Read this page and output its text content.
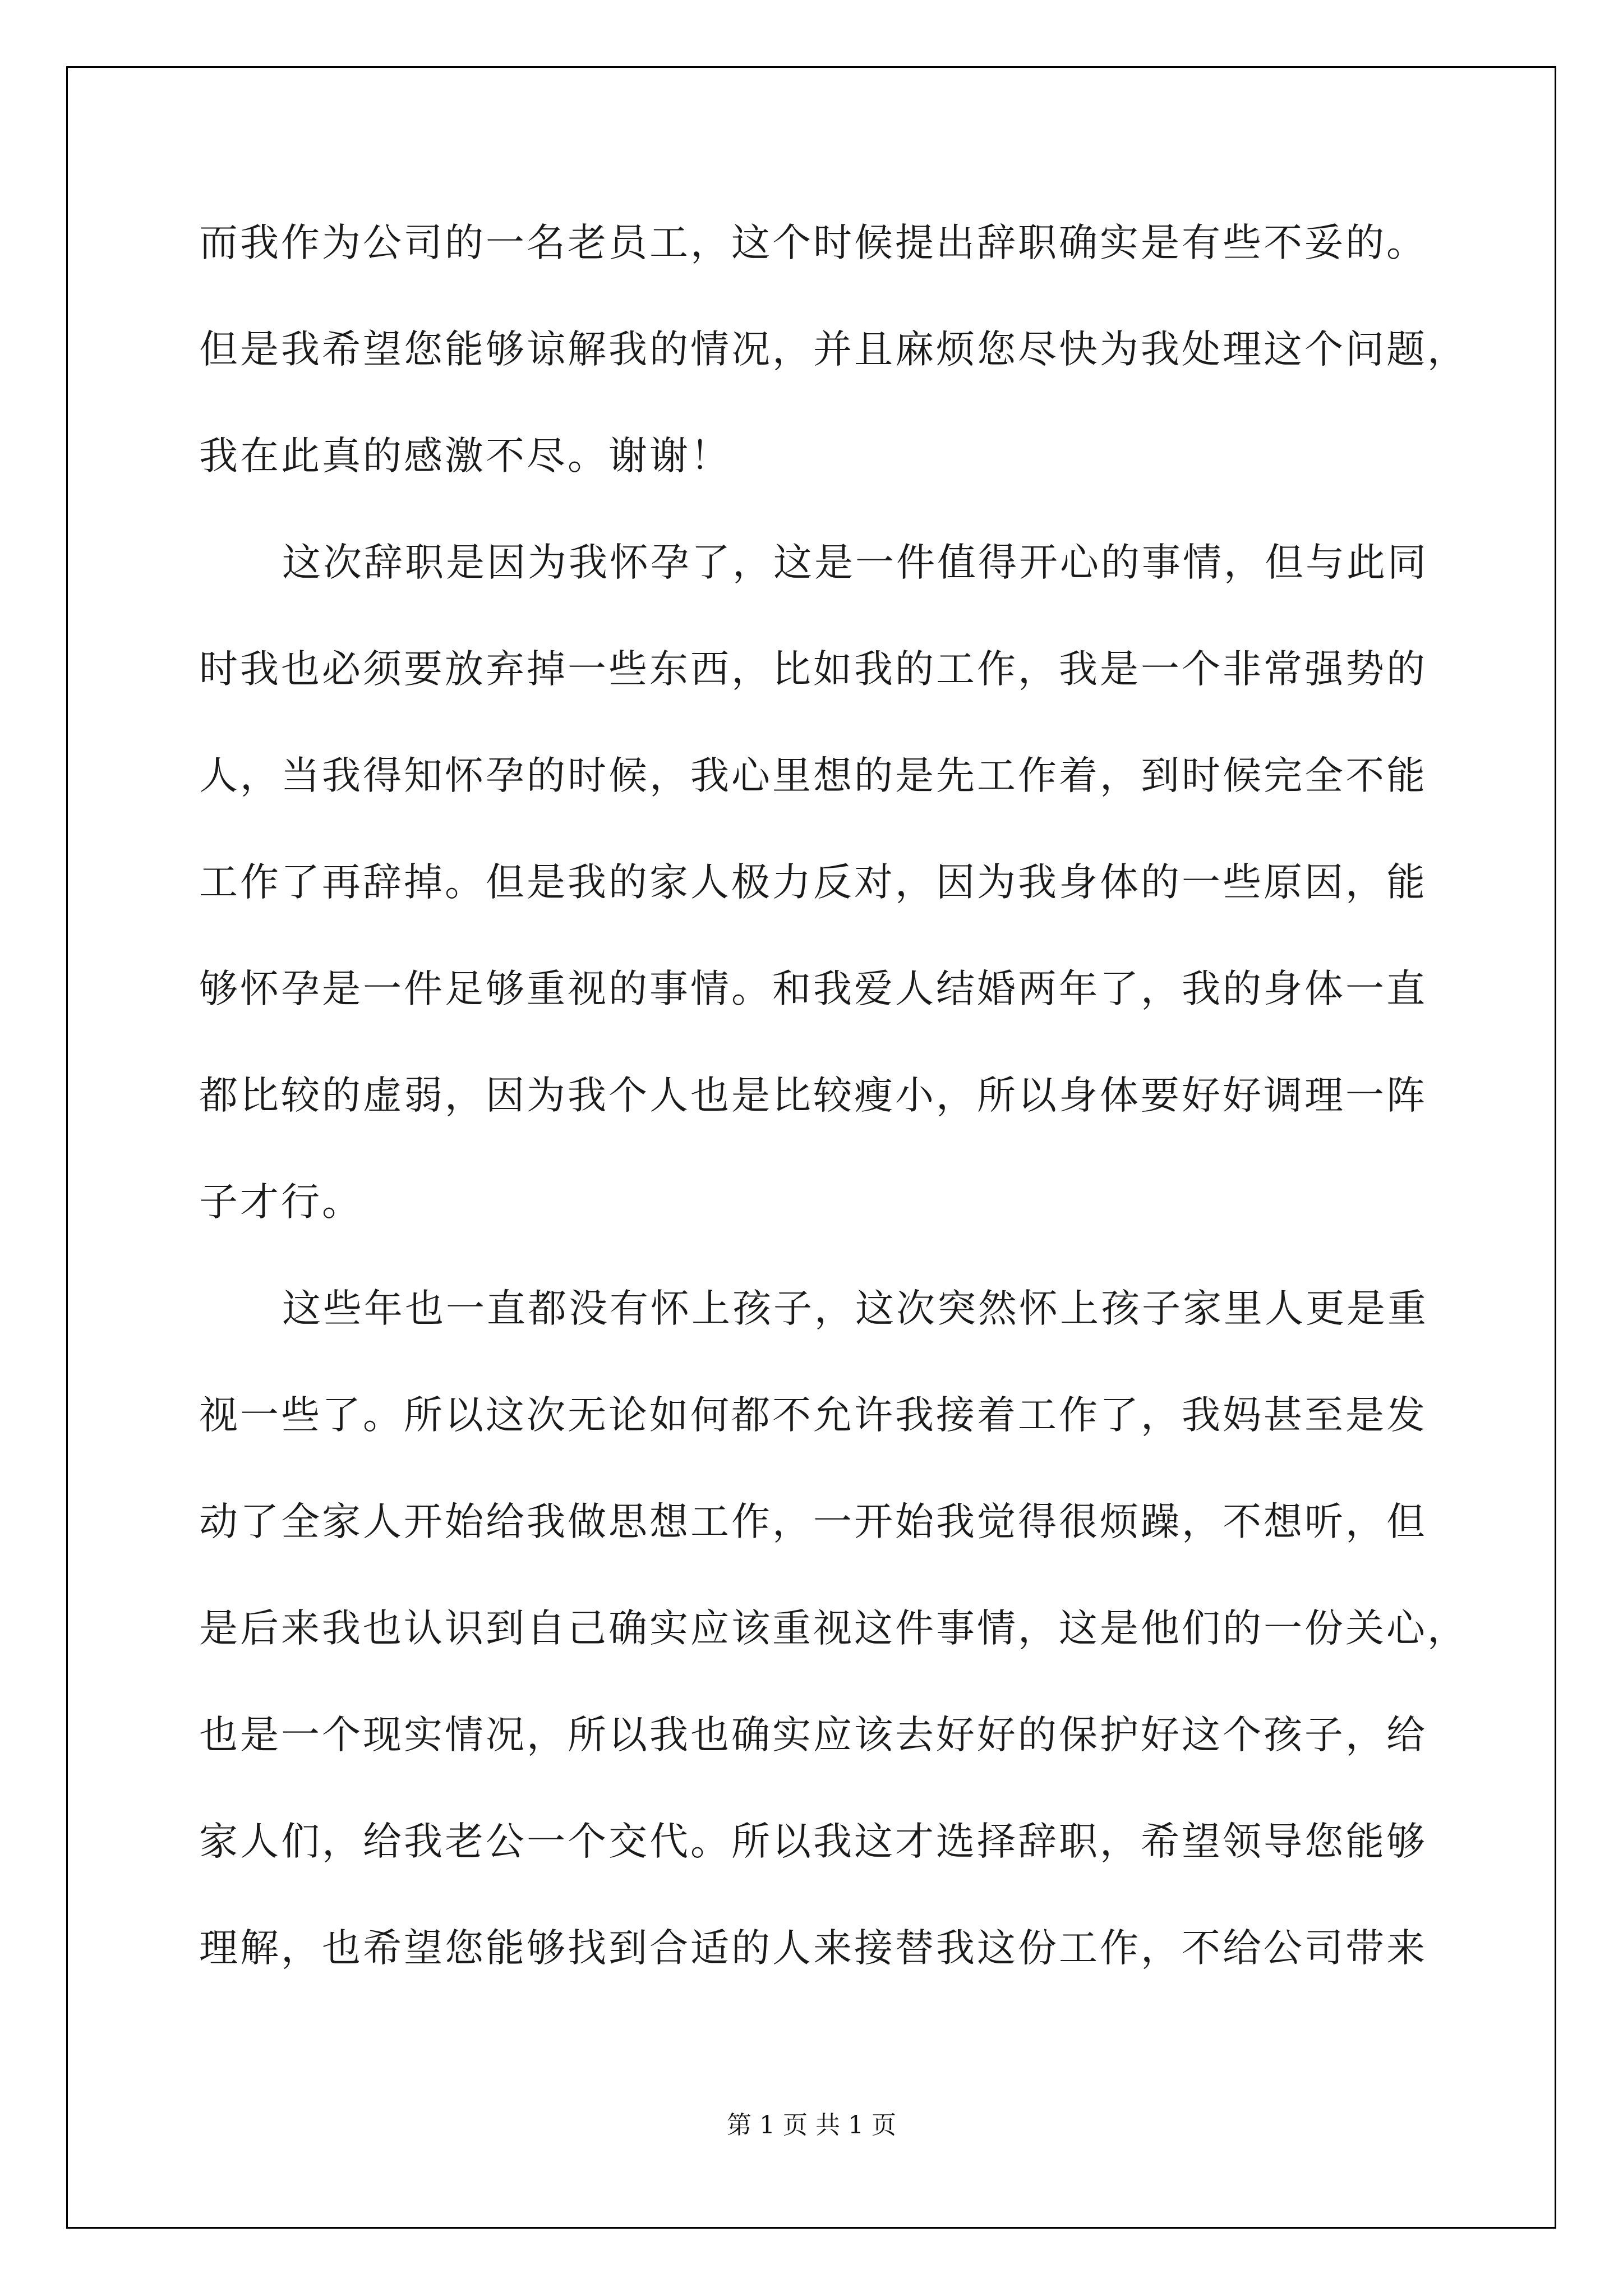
而我作为公司的一名老员工，这个时候提出辞职确实是有些不妥的。
但是我希望您能够谅解我的情况，并且麻烦您尽快为我处理这个问题，
我在此真的感激不尽。谢谢！
这次辞职是因为我怀孕了，这是一件值得开心的事情，但与此同
时我也必须要放弃掉一些东西，比如我的工作，我是一个非常强势的
人，当我得知怀孕的时候，我心里想的是先工作着，到时候完全不能
工作了再辞掉。但是我的家人极力反对，因为我身体的一些原因，能
够怀孕是一件足够重视的事情。和我爱人结婚两年了，我的身体一直
都比较的虚弱，因为我个人也是比较瘦小，所以身体要好好调理一阵
子才行。
这些年也一直都没有怀上孩子，这次突然怀上孩子家里人更是重
视一些了。所以这次无论如何都不允许我接着工作了，我妈甚至是发
动了全家人开始给我做思想工作，一开始我觉得很烦躁，不想听，但
是后来我也认识到自己确实应该重视这件事情，这是他们的一份关心，
也是一个现实情况，所以我也确实应该去好好的保护好这个孩子，给
家人们，给我老公一个交代。所以我这才选择辞职，希望领导您能够
理解，也希望您能够找到合适的人来接替我这份工作，不给公司带来
第 1 页 共 1 页
